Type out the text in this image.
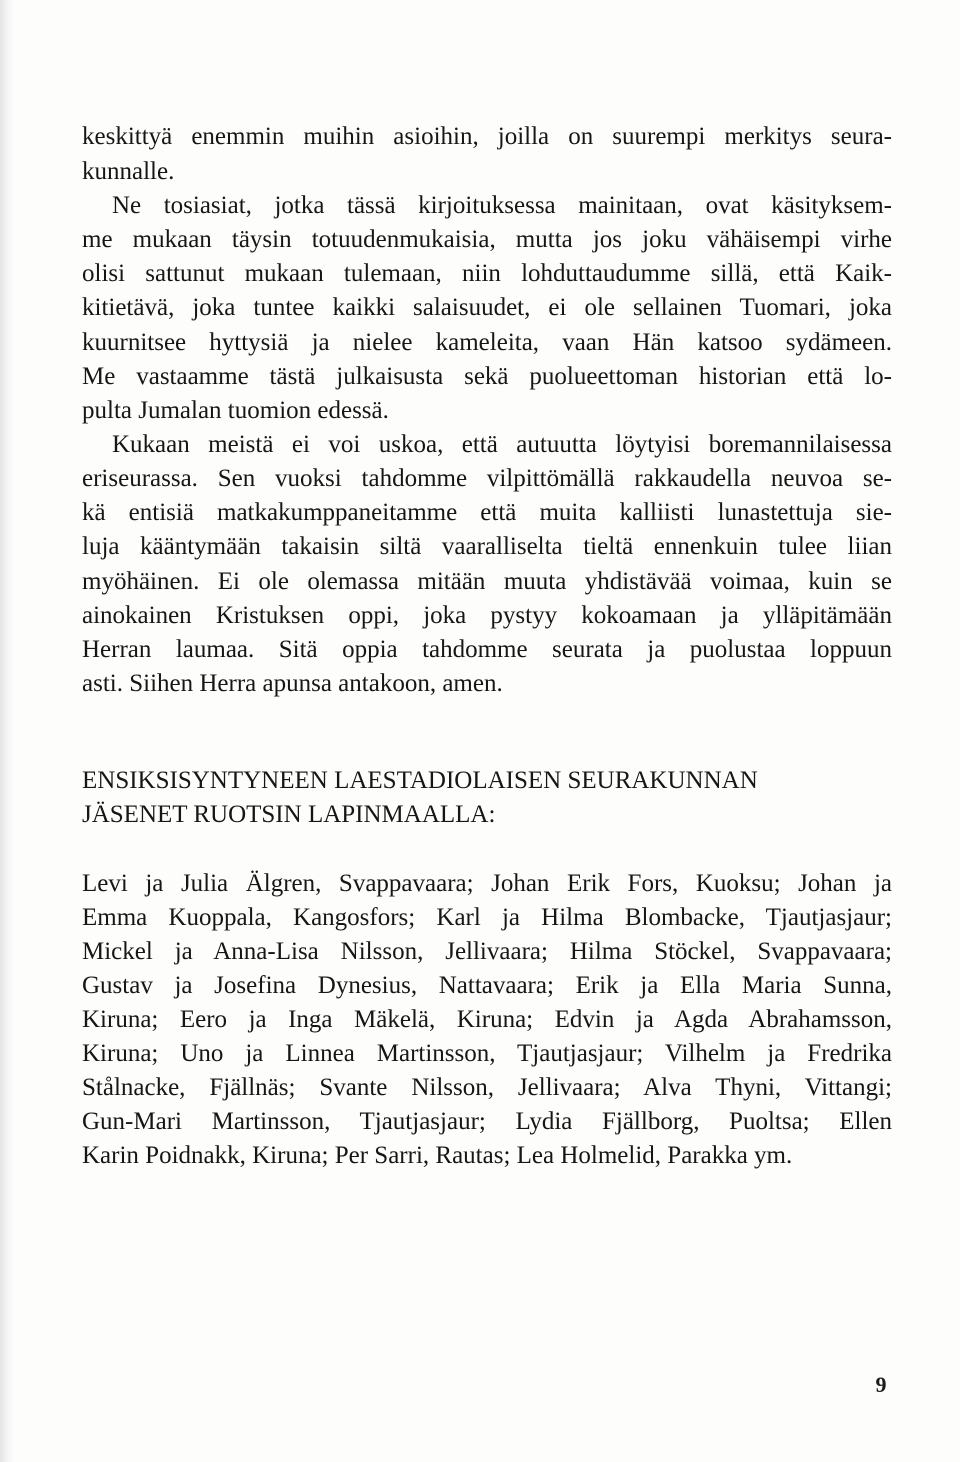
keskittyä enemmin muihin asioihin, joilla on suurempi merkitys seura-
kunnalle.
Ne tosiasiat, jotka tässä kirjoituksessa mainitaan, ovat käsityksem-
me mukaan täysin totuudenmukaisia, mutta jos joku vähäisempi virhe
olisi sattunut mukaan tulemaan, niin lohduttaudumme sillä, että Kaik-
kitietävä, joka tuntee kaikki salaisuudet, ei ole sellainen Tuomari, joka
kuurnitsee hyttysiä ja nielee kameleita, vaan Hän katsoo sydämeen.
Me vastaamme tästä julkaisusta sekä puolueettoman historian että lo-
pulta Jumalan tuomion edessä.
Kukaan meistä ei voi uskoa, että autuutta löytyisi boremannilaisessa
eriseurassa. Sen vuoksi tahdomme vilpittömällä rakkaudella neuvoa se-
kä entisiä matkakumppaneitamme että muita kalliisti lunastettuja sie-
luja kääntymään takaisin siltä vaaralliselta tieltä ennenkuin tulee liian
myöhäinen. Ei ole olemassa mitään muuta yhdistävää voimaa, kuin se
ainokainen Kristuksen oppi, joka pystyy kokoamaan ja ylläpitämään
Herran laumaa. Sitä oppia tahdomme seurata ja puolustaa loppuun
asti. Siihen Herra apunsa antakoon, amen.
ENSIKSISYNTYNEEN LAESTADIOLAISEN SEURAKUNNAN
JÄSENET RUOTSIN LAPINMAALLA:
Levi ja Julia Älgren, Svappavaara; Johan Erik Fors, Kuoksu; Johan ja
Emma Kuoppala, Kangosfors; Karl ja Hilma Blombacke, Tjautjasjaur;
Mickel ja Anna-Lisa Nilsson, Jellivaara; Hilma Stöckel, Svappavaara;
Gustav ja Josefina Dynesius, Nattavaara; Erik ja Ella Maria Sunna,
Kiruna; Eero ja Inga Mäkelä, Kiruna; Edvin ja Agda Abrahamsson,
Kiruna; Uno ja Linnea Martinsson, Tjautjasjaur; Vilhelm ja Fredrika
Stålnacke, Fjällnäs; Svante Nilsson, Jellivaara; Alva Thyni, Vittangi;
Gun-Mari Martinsson, Tjautjasjaur; Lydia Fjällborg, Puoltsa; Ellen
Karin Poidnakk, Kiruna; Per Sarri, Rautas; Lea Holmelid, Parakka ym.
9
